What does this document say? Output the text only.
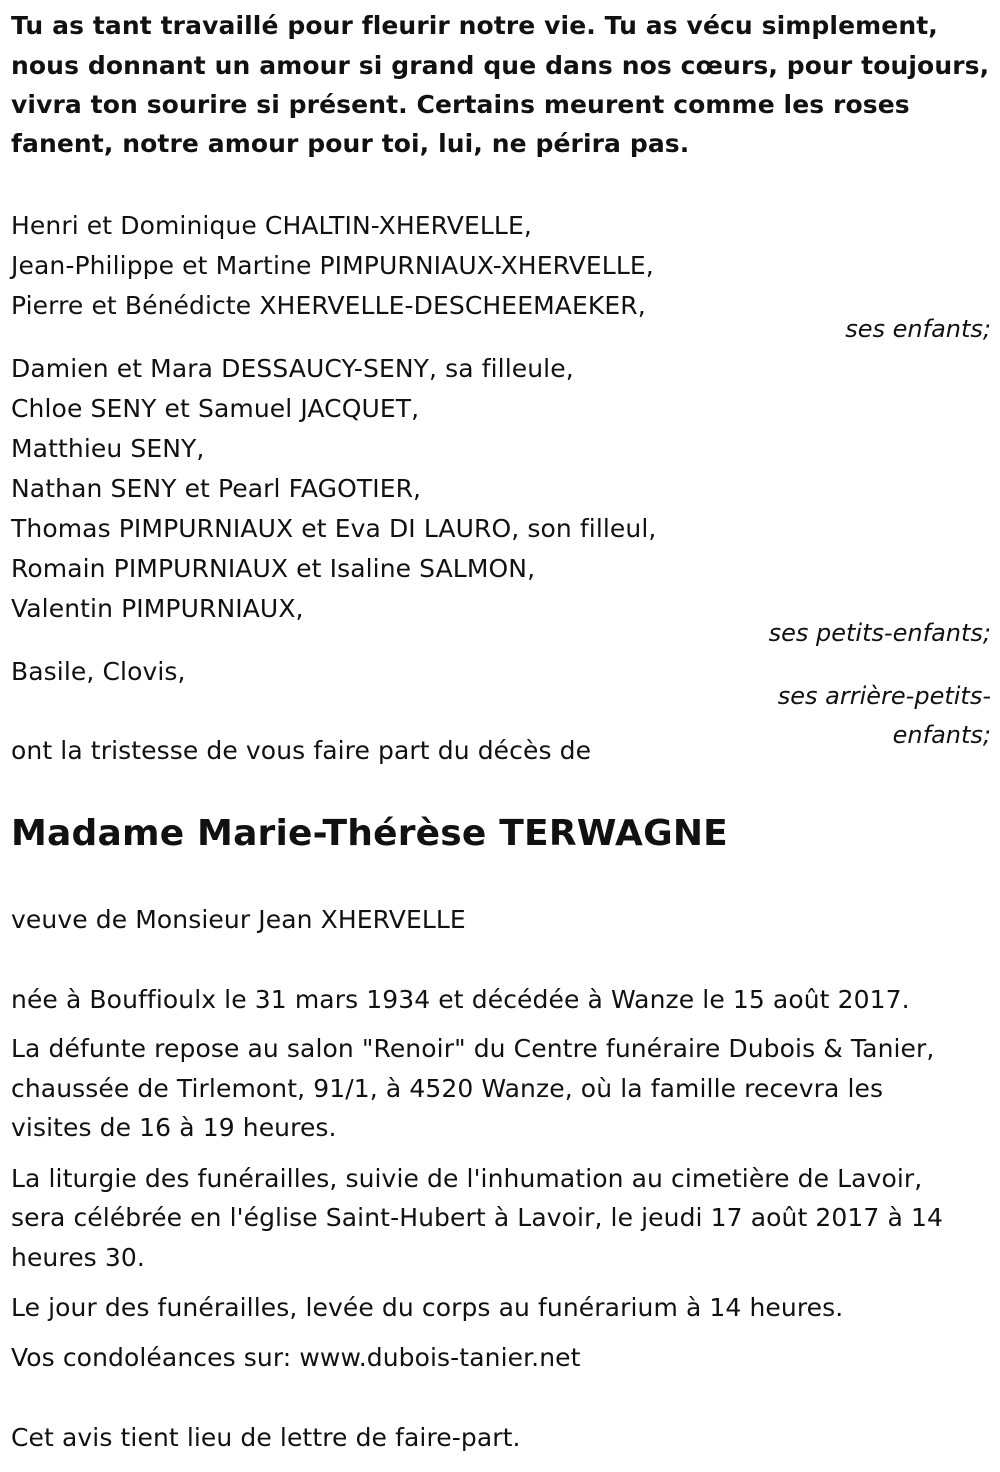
Tu as tant travaillé pour fleurir notre vie. Tu as vécu simplement,
nous donnant un amour si grand que dans nos cœurs, pour toujours,
vivra ton sourire si présent. Certains meurent comme les roses
fanent, notre amour pour toi, lui, ne périra pas.
Henri et Dominique CHALTIN-XHERVELLE,
Jean-Philippe et Martine PIMPURNIAUX-XHERVELLE,
Pierre et Bénédicte XHERVELLE-DESCHEEMAEKER,
ses enfants;
Damien et Mara DESSAUCY-SENY, sa filleule,
Chloe SENY et Samuel JACQUET,
Matthieu SENY,
Nathan SENY et Pearl FAGOTIER,
Thomas PIMPURNIAUX et Eva DI LAURO, son filleul,
Romain PIMPURNIAUX et Isaline SALMON,
Valentin PIMPURNIAUX,
ses petits-enfants;
Basile, Clovis,
ses arrière-petits-
enfants;
ont la tristesse de vous faire part du décès de
Madame Marie-Thérèse TERWAGNE
veuve de Monsieur Jean XHERVELLE
née à Bouffioulx le 31 mars 1934 et décédée à Wanze le 15 août 2017.
La défunte repose au salon "Renoir" du Centre funéraire Dubois & Tanier,
chaussée de Tirlemont, 91/1, à 4520 Wanze, où la famille recevra les
visites de 16 à 19 heures.
La liturgie des funérailles, suivie de l'inhumation au cimetière de Lavoir,
sera célébrée en l'église Saint-Hubert à Lavoir, le jeudi 17 août 2017 à 14
heures 30.
Le jour des funérailles, levée du corps au funérarium à 14 heures.
Vos condoléances sur: www.dubois-tanier.net
Cet avis tient lieu de lettre de faire-part.
